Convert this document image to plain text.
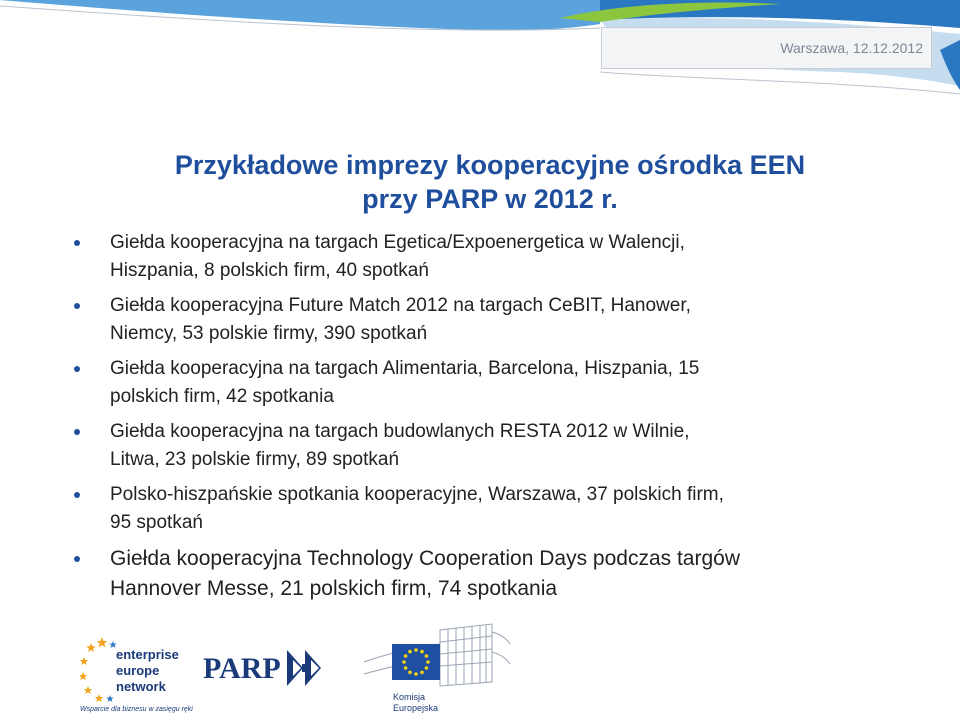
Warszawa, 12.12.2012
Przykładowe imprezy kooperacyjne ośrodka EEN
przy PARP w 2012 r.
Giełda kooperacyjna na targach Egetica/Expoenergetica w Walencji,
Hiszpania, 8 polskich firm, 40 spotkań
Giełda kooperacyjna Future Match 2012 na targach CeBIT, Hanower,
Niemcy, 53 polskie firmy, 390 spotkań
Giełda kooperacyjna na targach Alimentaria, Barcelona, Hiszpania, 15
polskich firm, 42 spotkania
Giełda kooperacyjna na targach budowlanych RESTA 2012 w Wilnie,
Litwa, 23 polskie firmy, 89 spotkań
Polsko-hiszpańskie spotkania kooperacyjne, Warszawa, 37 polskich firm,
95 spotkań
Giełda kooperacyjna Technology Cooperation Days podczas targów
Hannover Messe, 21 polskich firm, 74 spotkania
enterprise
europe
network
Wsparcie dla biznesu w zasięgu ręki
PARP
Komisja
Europejska
